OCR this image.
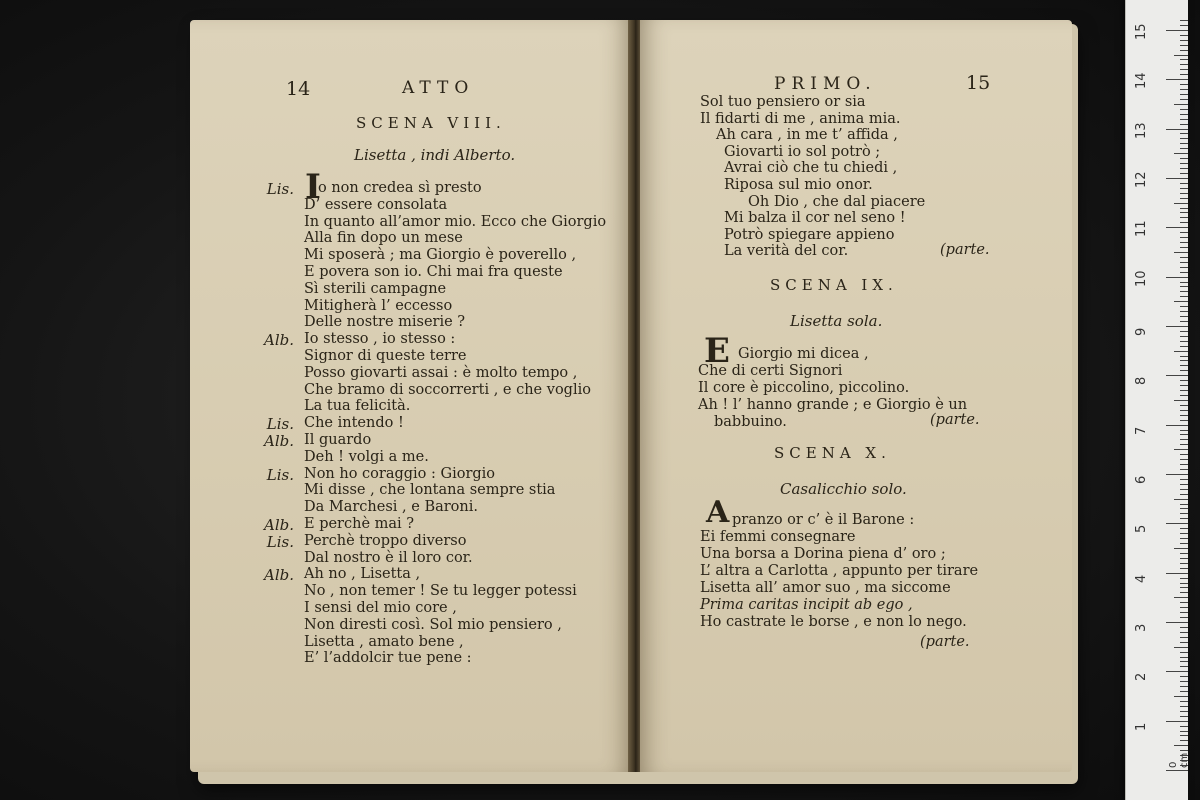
14	ATTO
SCENA VIII.
Lisetta , indi Alberto.
Lis. I
o non credea sì presto
D’ essere consolata
In quanto all’amor mio. Ecco che Giorgio
Alla fin dopo un mese
Mi sposerà ; ma Giorgio è poverello ,
E povera son io. Chi mai fra queste
Sì sterili campagne
Mitigherà l’ eccesso
Delle nostre miserie ?
Alb. Io stesso , io stesso :
Signor di queste terre
Posso giovarti assai : è molto tempo ,
Che bramo di soccorrerti , e che voglio
La tua felicità.
Lis. Che intendo !
Alb. Il guardo
Deh ! volgi a me.
Lis. Non ho coraggio : Giorgio
Mi disse , che lontana sempre stia
Da Marchesi , e Baroni.
Alb. E perchè mai ?
Lis. Perchè troppo diverso
Dal nostro è il loro cor.
Alb. Ah no , Lisetta ,
No , non temer ! Se tu legger potessi
I sensi del mio core ,
Non diresti così. Sol mio pensiero ,
Lisetta , amato bene ,
E’ l’addolcir tue pene :
PRIMO.	15
Sol tuo pensiero or sia
Il fidarti di me , anima mia.
Ah cara , in me t’ affida ,
Giovarti io sol potrò ;
Avrai ciò che tu chiedi ,
Riposa sul mio onor.
Oh Dio , che dal piacere
Mi balza il cor nel seno !
Potrò spiegare appieno
La verità del cor.	(parte.
SCENA IX.
Lisetta sola.
E Giorgio mi dicea ,
Che di certi Signori
Il core è piccolino, piccolino.
Ah ! l’ hanno grande ; e Giorgio è un
babbuino.	(parte.
SCENA X.
Casalicchio solo.
A pranzo or c’ è il Barone :
Ei femmi consegnare
Una borsa a Dorina piena d’ oro ;
L’ altra a Carlotta , appunto per tirare
Lisetta all’ amor suo , ma siccome
Prima caritas incipit ab ego ,
Ho castrate le borse , e non lo nego.
(parte.
15
14
13
12
11
10
9
8
7
6
5
4
3
2
1
0 cm
